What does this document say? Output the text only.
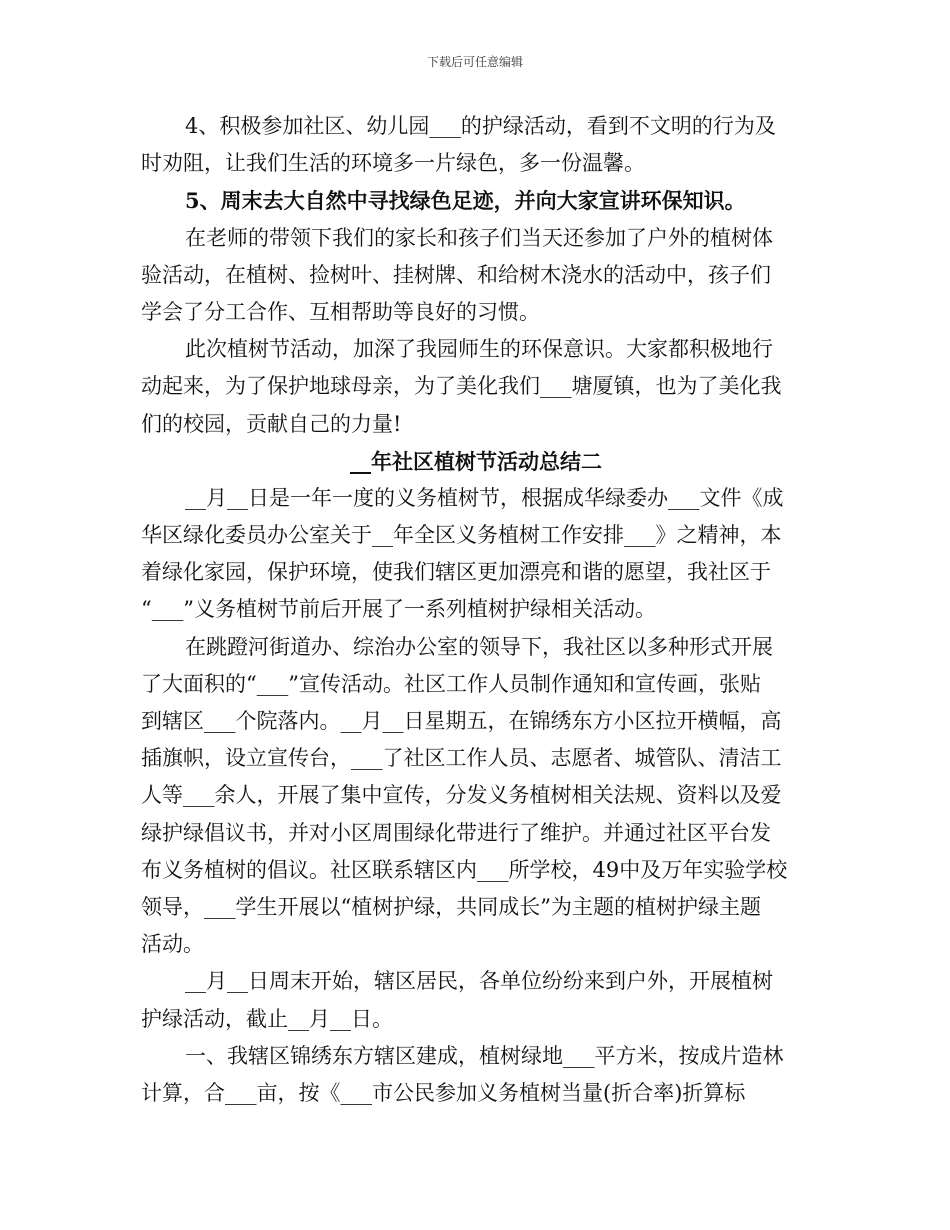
下载后可任意编辑
4、积极参加社区、幼儿园___的护绿活动，看到不文明的行为及
时劝阻，让我们生活的环境多一片绿色，多一份温馨。
5、周末去大自然中寻找绿色足迹，并向大家宣讲环保知识。
在老师的带领下我们的家长和孩子们当天还参加了户外的植树体
验活动，在植树、捡树叶、挂树牌、和给树木浇水的活动中，孩子们
学会了分工合作、互相帮助等良好的习惯。
此次植树节活动，加深了我园师生的环保意识。大家都积极地行
动起来，为了保护地球母亲，为了美化我们___塘厦镇，也为了美化我
们的校园，贡献自己的力量!
__年社区植树节活动总结二
__月__日是一年一度的义务植树节，根据成华绿委办___文件《成
华区绿化委员办公室关于__年全区义务植树工作安排___》之精神，本
着绿化家园，保护环境，使我们辖区更加漂亮和谐的愿望，我社区于
“___”义务植树节前后开展了一系列植树护绿相关活动。
在跳蹬河街道办、综治办公室的领导下，我社区以多种形式开展
了大面积的“___”宣传活动。社区工作人员制作通知和宣传画，张贴
到辖区___个院落内。__月__日星期五，在锦绣东方小区拉开横幅，高
插旗帜，设立宣传台，___了社区工作人员、志愿者、城管队、清洁工
人等___余人，开展了集中宣传，分发义务植树相关法规、资料以及爱
绿护绿倡议书，并对小区周围绿化带进行了维护。并通过社区平台发
布义务植树的倡议。社区联系辖区内___所学校，49中及万年实验学校
领导，___学生开展以“植树护绿，共同成长”为主题的植树护绿主题
活动。
__月__日周末开始，辖区居民，各单位纷纷来到户外，开展植树
护绿活动，截止__月__日。
一、我辖区锦绣东方辖区建成，植树绿地___平方米，按成片造林
计算，合___亩，按《___市公民参加义务植树当量(折合率)折算标
